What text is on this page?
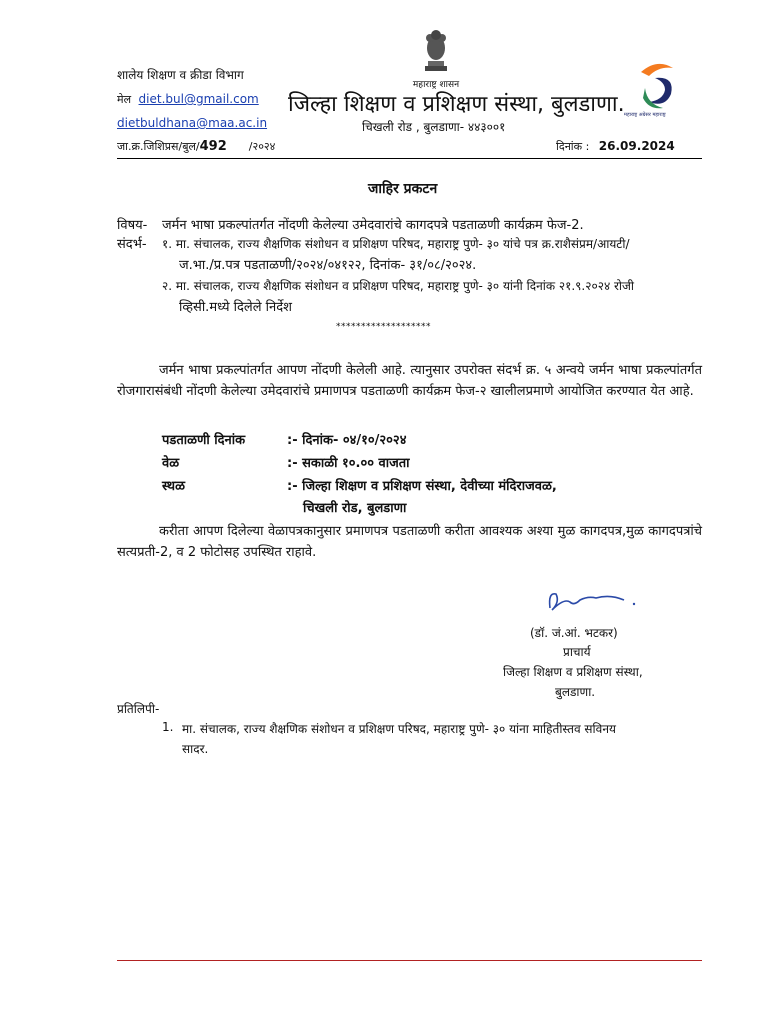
शालेय शिक्षण व क्रीडा विभाग
मेल diet.bul@gmail.com
dietbuldhana@maa.ac.in
महाराष्ट्र शासन
जिल्हा शिक्षण व प्रशिक्षण संस्था, बुलडाणा.
चिखली रोड , बुलडाणा- ४४३००१
महाराष्ट्र अग्रेसर महाराष्ट्र
जा.क्र.जिशिप्रस/बुल/492 /२०२४	दिनांक : 26.09.2024
जाहिर प्रकटन
विषय- जर्मन भाषा प्रकल्पांतर्गत नोंदणी केलेल्या उमेदवारांचे कागदपत्रे पडताळणी कार्यक्रम फेज-2.
संदर्भ- १. मा. संचालक, राज्य शैक्षणिक संशोधन व प्रशिक्षण परिषद, महाराष्ट्र पुणे- ३० यांचे पत्र क्र.राशैसंप्रम/आयटी/
ज.भा./प्र.पत्र पडताळणी/२०२४/०४१२२, दिनांक- ३१/०८/२०२४.
२. मा. संचालक, राज्य शैक्षणिक संशोधन व प्रशिक्षण परिषद, महाराष्ट्र पुणे- ३० यांनी दिनांक २१.९.२०२४ रोजी
व्हिसी.मध्ये दिलेले निर्देश
*******************
जर्मन भाषा प्रकल्पांतर्गत आपण नोंदणी केलेली आहे. त्यानुसार उपरोक्त संदर्भ क्र. ५ अन्वये जर्मन भाषा प्रकल्पांतर्गत रोजगारासंबंधी नोंदणी केलेल्या उमेदवारांचे प्रमाणपत्र पडताळणी कार्यक्रम फेज-२ खालीलप्रमाणे आयोजित करण्यात येत आहे.
पडताळणी दिनांक	:- दिनांक- ०४/१०/२०२४
वेळ	:- सकाळी १०.०० वाजता
स्थळ	:- जिल्हा शिक्षण व प्रशिक्षण संस्था, देवीच्या मंदिराजवळ,
चिखली रोड, बुलडाणा
करीता आपण दिलेल्या वेळापत्रकानुसार प्रमाणपत्र पडताळणी करीता आवश्यक अश्या मुळ कागदपत्र,मुळ कागदपत्रांचे सत्यप्रती-2, व 2 फोटोसह उपस्थित राहावे.
(डॉ. जं.आं. भटकर)
प्राचार्य
जिल्हा शिक्षण व प्रशिक्षण संस्था,
बुलडाणा.
प्रतिलिपी-
1. मा. संचालक, राज्य शैक्षणिक संशोधन व प्रशिक्षण परिषद, महाराष्ट्र पुणे- ३० यांना माहितीस्तव सविनय
सादर.
